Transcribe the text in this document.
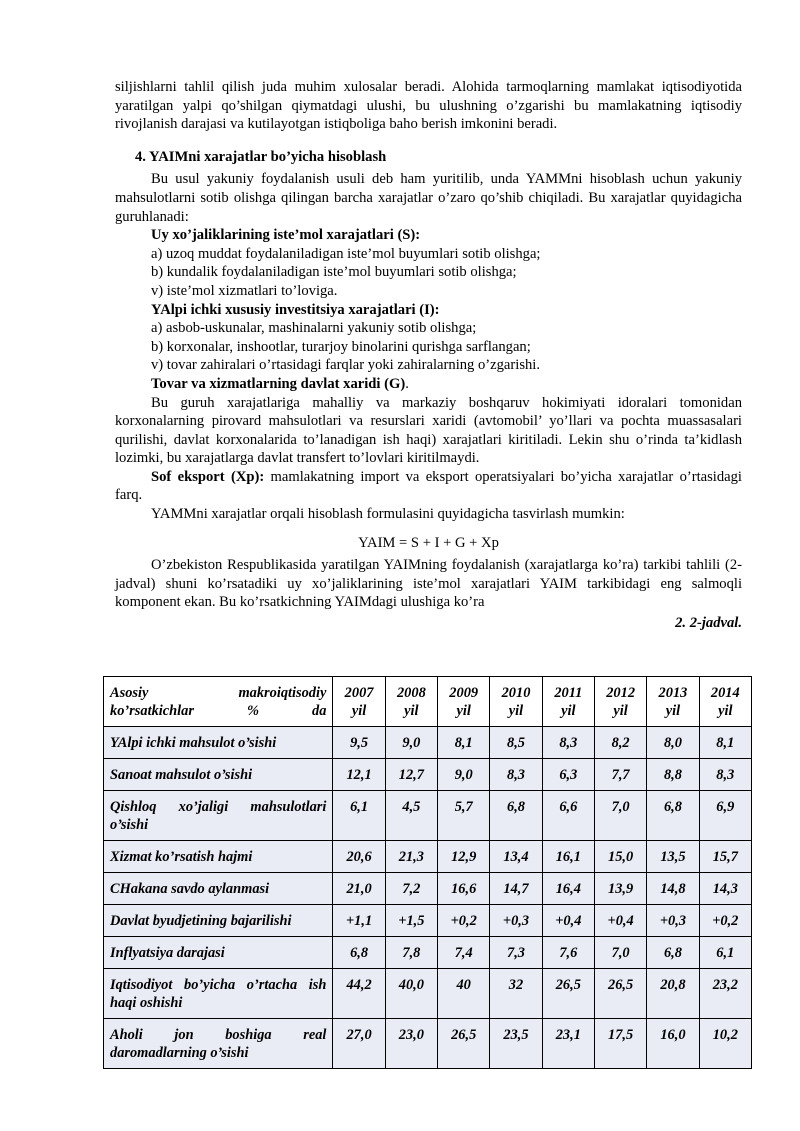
siljishlarni tahlil qilish juda muhim xulosalar beradi. Alohida tarmoqlarning mamlakat iqtisodiyotida yaratilgan yalpi qo’shilgan qiymatdagi ulushi, bu ulushning o’zgarishi bu mamlakatning iqtisodiy rivojlanish darajasi va kutilayotgan istiqboliga baho berish imkonini beradi.

4. YAIMni xarajatlar bo’yicha hisoblash

Bu usul yakuniy foydalanish usuli deb ham yuritilib, unda YAMMni hisoblash uchun yakuniy mahsulotlarni sotib olishga qilingan barcha xarajatlar o’zaro qo’shib chiqiladi. Bu xarajatlar quyidagicha guruhlanadi:

Uy xo’jaliklarining iste’mol xarajatlari (S):

a) uzoq muddat foydalaniladigan iste’mol buyumlari sotib olishga;

b) kundalik foydalaniladigan iste’mol buyumlari sotib olishga;

v) iste’mol xizmatlari to’loviga.

YAlpi ichki xususiy investitsiya xarajatlari (I):

a) asbob-uskunalar, mashinalarni yakuniy sotib olishga;

b) korxonalar, inshootlar, turarjoy binolarini qurishga sarflangan;

v) tovar zahiralari o’rtasidagi farqlar yoki zahiralarning o’zgarishi.

Tovar va xizmatlarning davlat xaridi (G).

Bu guruh xarajatlariga mahalliy va markaziy boshqaruv hokimiyati idoralari tomonidan korxonalarning pirovard mahsulotlari va resurslari xaridi (avtomobil’ yo’llari va pochta muassasalari qurilishi, davlat korxonalarida to’lanadigan ish haqi) xarajatlari kiritiladi. Lekin shu o’rinda ta’kidlash lozimki, bu xarajatlarga davlat transfert to’lovlari kiritilmaydi.

Sof eksport (Xp): mamlakatning import va eksport operatsiyalari bo’yicha xarajatlar o’rtasidagi farq.

YAMMni xarajatlar orqali hisoblash formulasini quyidagicha tasvirlash mumkin:

YAIM = S + I + G + Xp

O’zbekiston Respublikasida yaratilgan YAIMning foydalanish (xarajatlarga ko’ra) tarkibi tahlili (2-jadval) shuni ko’rsatadiki uy xo’jaliklarining iste’mol xarajatlari YAIM tarkibidagi eng salmoqli komponent ekan. Bu ko’rsatkichning YAIMdagi ulushiga ko’ra

2. 2-jadval.

Asosiy makroiqtisodiy ko’rsatkichlar % da	2007 yil	2008 yil	2009 yil	2010 yil	2011 yil	2012 yil	2013 yil	2014 yil
YAlpi ichki mahsulot o’sishi	9,5	9,0	8,1	8,5	8,3	8,2	8,0	8,1
Sanoat mahsulot o’sishi	12,1	12,7	9,0	8,3	6,3	7,7	8,8	8,3
Qishloq xo’jaligi mahsulotlari o’sishi	6,1	4,5	5,7	6,8	6,6	7,0	6,8	6,9
Xizmat ko’rsatish hajmi	20,6	21,3	12,9	13,4	16,1	15,0	13,5	15,7
CHakana savdo aylanmasi	21,0	7,2	16,6	14,7	16,4	13,9	14,8	14,3
Davlat byudjetining bajarilishi	+1,1	+1,5	+0,2	+0,3	+0,4	+0,4	+0,3	+0,2
Inflyatsiya darajasi	6,8	7,8	7,4	7,3	7,6	7,0	6,8	6,1
Iqtisodiyot bo’yicha o’rtacha ish haqi oshishi	44,2	40,0	40	32	26,5	26,5	20,8	23,2
Aholi jon boshiga real daromadlarning o’sishi	27,0	23,0	26,5	23,5	23,1	17,5	16,0	10,2
